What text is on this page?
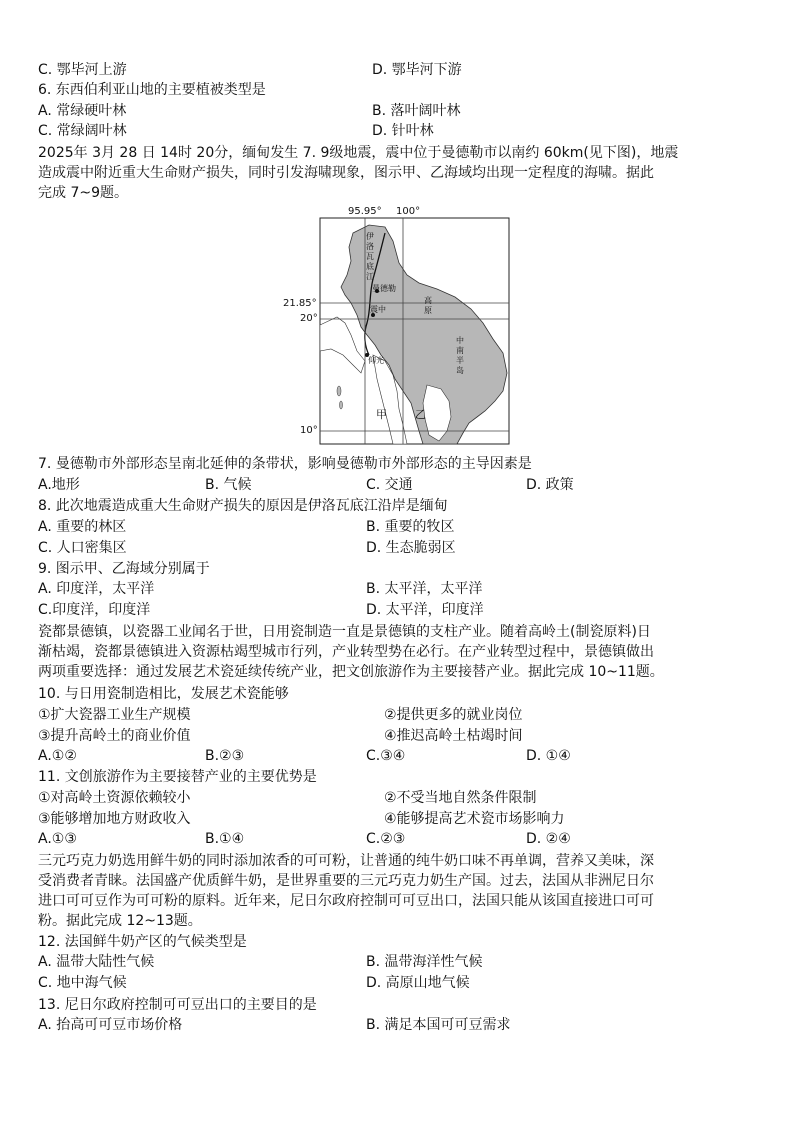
C. 鄂毕河上游	D. 鄂毕河下游
6. 东西伯利亚山地的主要植被类型是
A. 常绿硬叶林	B. 落叶阔叶林
C. 常绿阔叶林	D. 针叶林
2025年 3月 28 日 14时 20分，缅甸发生 7. 9级地震，震中位于曼德勒市以南约 60km(见下图)，地震
造成震中附近重大生命财产损失，同时引发海啸现象，图示甲、乙海域均出现一定程度的海啸。据此
完成 7~9题。
95.95° 100°
21.85°
20°
10°
伊洛瓦底江
曼德勒
震中
仰光
高原
中南半岛
甲	乙
7. 曼德勒市外部形态呈南北延伸的条带状，影响曼德勒市外部形态的主导因素是
A.地形	B. 气候	C. 交通	D. 政策
8. 此次地震造成重大生命财产损失的原因是伊洛瓦底江沿岸是缅甸
A. 重要的林区	B. 重要的牧区
C. 人口密集区	D. 生态脆弱区
9. 图示甲、乙海域分别属于
A. 印度洋，太平洋	B. 太平洋，太平洋
C.印度洋，印度洋	D. 太平洋，印度洋
瓷都景德镇，以瓷器工业闻名于世，日用瓷制造一直是景德镇的支柱产业。随着高岭土(制瓷原料)日
渐枯竭，瓷都景德镇进入资源枯竭型城市行列，产业转型势在必行。在产业转型过程中，景德镇做出
两项重要选择：通过发展艺术瓷延续传统产业，把文创旅游作为主要接替产业。据此完成 10~11题。
10. 与日用瓷制造相比，发展艺术瓷能够
①扩大瓷器工业生产规模	②提供更多的就业岗位
③提升高岭土的商业价值	④推迟高岭土枯竭时间
A.①②	B.②③	C.③④	D. ①④
11. 文创旅游作为主要接替产业的主要优势是
①对高岭土资源依赖较小	②不受当地自然条件限制
③能够增加地方财政收入	④能够提高艺术瓷市场影响力
A.①③	B.①④	C.②③	D. ②④
三元巧克力奶选用鲜牛奶的同时添加浓香的可可粉，让普通的纯牛奶口味不再单调，营养又美味，深
受消费者青睐。法国盛产优质鲜牛奶，是世界重要的三元巧克力奶生产国。过去，法国从非洲尼日尔
进口可可豆作为可可粉的原料。近年来，尼日尔政府控制可可豆出口，法国只能从该国直接进口可可
粉。据此完成 12~13题。
12. 法国鲜牛奶产区的气候类型是
A. 温带大陆性气候	B. 温带海洋性气候
C. 地中海气候	D. 高原山地气候
13. 尼日尔政府控制可可豆出口的主要目的是
A. 抬高可可豆市场价格	B. 满足本国可可豆需求
